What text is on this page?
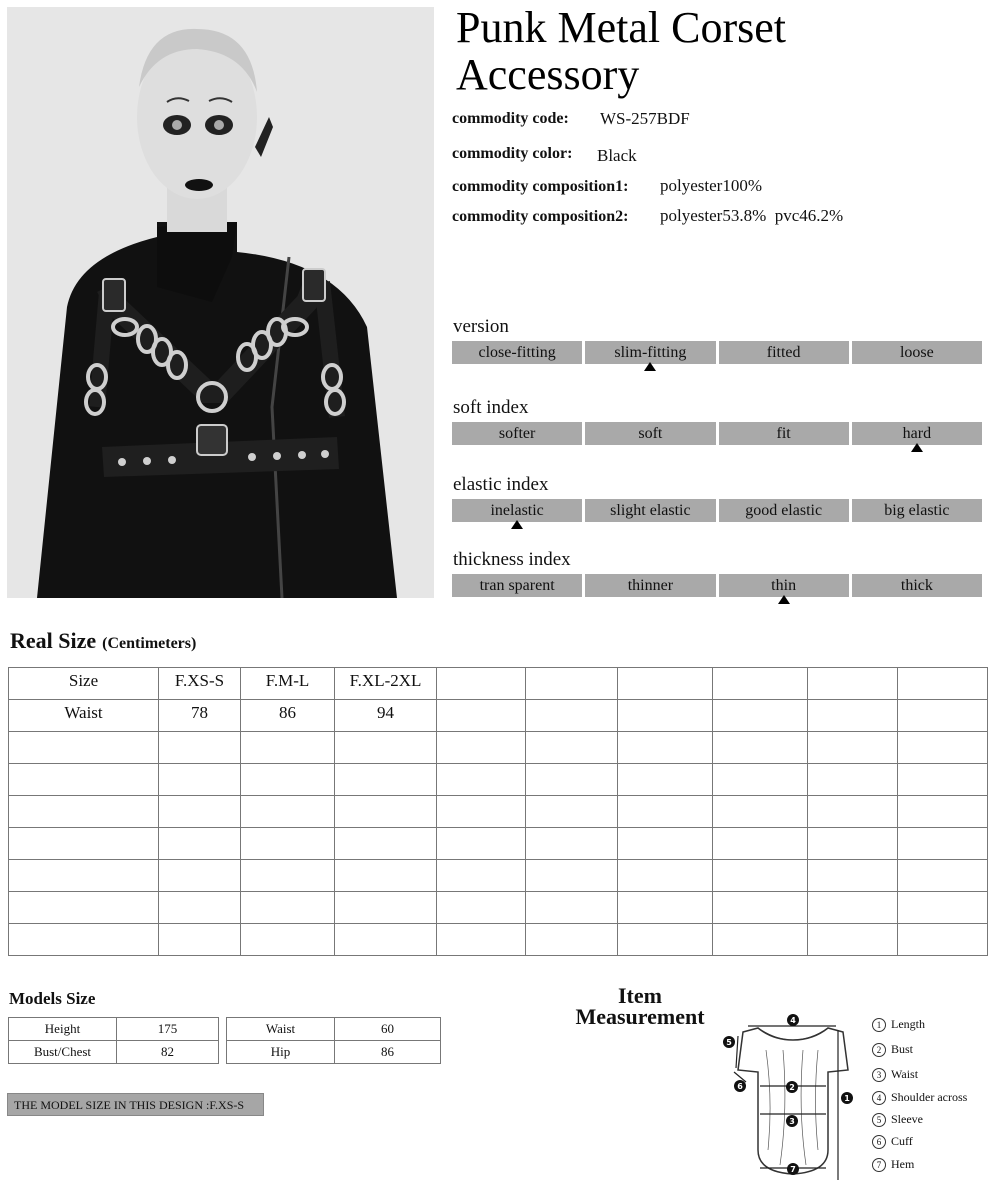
Punk Metal Corset
Accessory
commodity code: WS-257BDF
commodity color: Black
commodity composition1: polyester100%
commodity composition2: polyester53.8%  pvc46.2%
version
close-fitting	slim-fitting	fitted	loose
soft index
softer	soft	fit	hard
elastic index
inelastic	slight elastic	good elastic	big elastic
thickness index
tran sparent	thinner	thin	thick
Real Size (Centimeters)
Size	F.XS-S	F.M-L	F.XL-2XL						
Waist	78	86	94						

Models Size
Height	175
Bust/Chest	82
Waist	60
Hip	86
THE MODEL SIZE IN THIS DESIGN :F.XS-S
Item
Measurement	4
2
3
7
1
5
6
1 Length
2 Bust
3 Waist
4 Shoulder across
5 Sleeve
6 Cuff
7 Hem
